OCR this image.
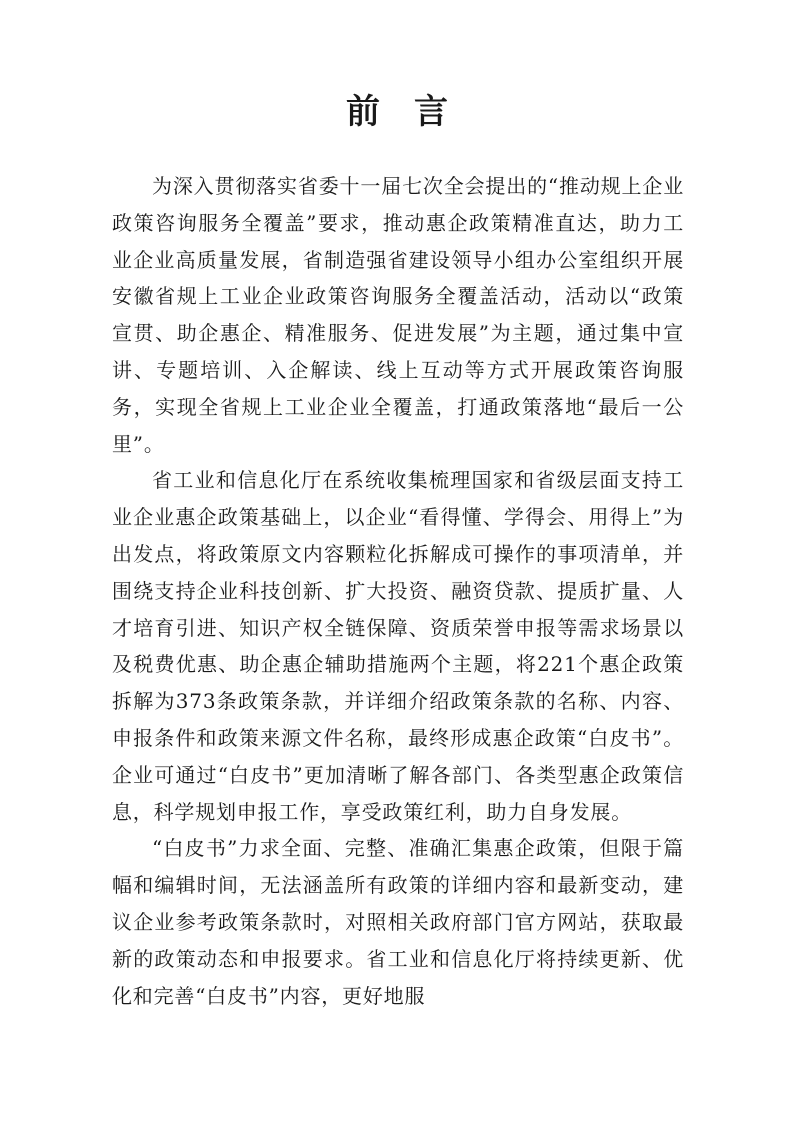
前言

为深入贯彻落实省委十一届七次全会提出的“推动规上企业政策咨询服务全覆盖”要求，推动惠企政策精准直达，助力工业企业高质量发展，省制造强省建设领导小组办公室组织开展安徽省规上工业企业政策咨询服务全覆盖活动，活动以“政策宣贯、助企惠企、精准服务、促进发展”为主题，通过集中宣讲、专题培训、入企解读、线上互动等方式开展政策咨询服务，实现全省规上工业企业全覆盖，打通政策落地“最后一公里”。

省工业和信息化厅在系统收集梳理国家和省级层面支持工业企业惠企政策基础上，以企业“看得懂、学得会、用得上”为出发点，将政策原文内容颗粒化拆解成可操作的事项清单，并围绕支持企业科技创新、扩大投资、融资贷款、提质扩量、人才培育引进、知识产权全链保障、资质荣誉申报等需求场景以及税费优惠、助企惠企辅助措施两个主题，将221个惠企政策拆解为373条政策条款，并详细介绍政策条款的名称、内容、申报条件和政策来源文件名称，最终形成惠企政策“白皮书”。企业可通过“白皮书”更加清晰了解各部门、各类型惠企政策信息，科学规划申报工作，享受政策红利，助力自身发展。

“白皮书”力求全面、完整、准确汇集惠企政策，但限于篇幅和编辑时间，无法涵盖所有政策的详细内容和最新变动，建议企业参考政策条款时，对照相关政府部门官方网站，获取最新的政策动态和申报要求。省工业和信息化厅将持续更新、优化和完善“白皮书”内容，更好地服
